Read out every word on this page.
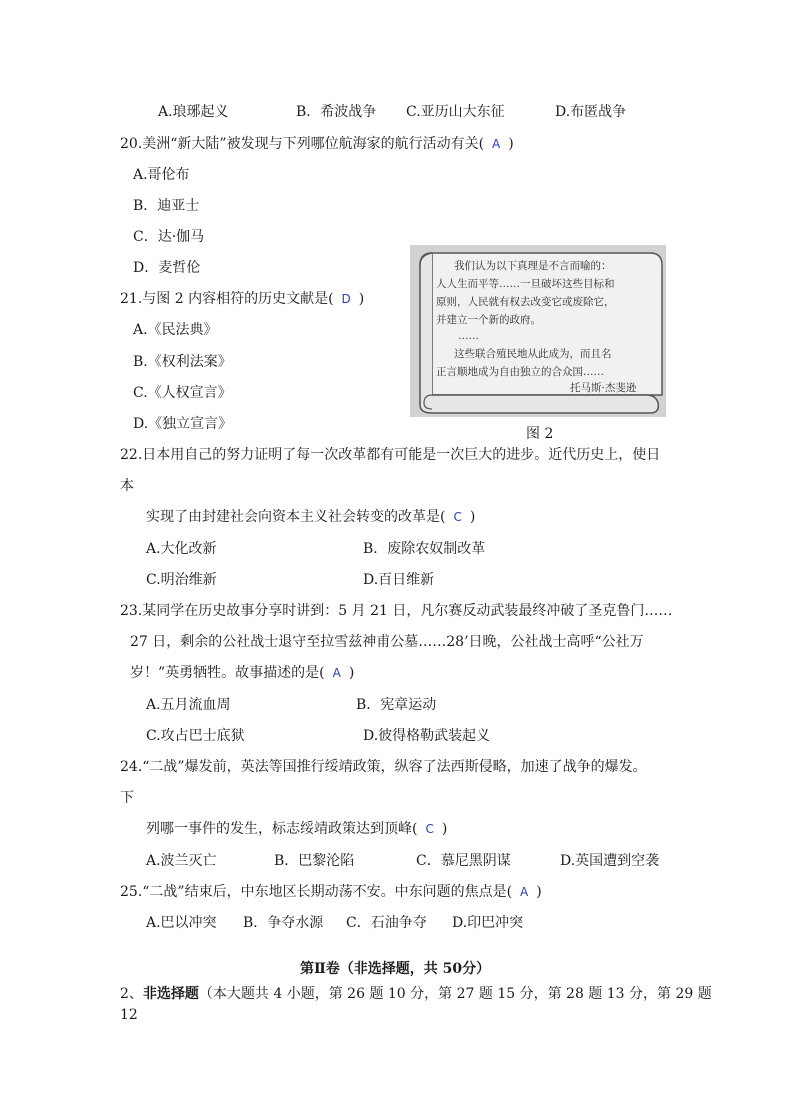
A.琅琊起义	B．希波战争 C.亚历山大东征	D.布匿战争
20.美洲“新大陆”被发现与下列哪位航海家的航行活动有关( A )
A.哥伦布
B．迪亚士
C．达·伽马
D．麦哲伦	我们认为以下真理是不言而喻的：
人人生而平等……一旦破坏这些目标和
原则，人民就有权去改变它或废除它，
并建立一个新的政府。
……
这些联合殖民地从此成为，而且名
正言顺地成为自由独立的合众国……
托马斯·杰斐逊
图 2
21.与图 2 内容相符的历史文献是( D )
A.《民法典》
B.《权利法案》
C.《人权宣言》
D.《独立宣言》
22.日本用自己的努力证明了每一次改革都有可能是一次巨大的进步。近代历史上，使日
本
实现了由封建社会向资本主义社会转变的改革是( C )
A.大化改新	B．废除农奴制改革
C.明治维新	D.百日维新
23.某同学在历史故事分享时讲到：5 月 21 日，凡尔赛反动武装最终冲破了圣克鲁门……
27 日，剩余的公社战士退守至拉雪兹神甫公墓……28’日晚，公社战士高呼“公社万
岁！”英勇牺牲。故事描述的是( A )
A.五月流血周	B．宪章运动
C.攻占巴士底狱	D.彼得格勒武装起义
24.“二战”爆发前，英法等国推行绥靖政策，纵容了法西斯侵略，加速了战争的爆发。
下
列哪一事件的发生，标志绥靖政策达到顶峰( C )
A.波兰灭亡	B．巴黎沦陷	C．慕尼黑阴谋	D.英国遭到空袭
25.“二战”结束后，中东地区长期动荡不安。中东问题的焦点是( A )
A.巴以冲突 B．争夺水源 C．石油争夺 D.印巴冲突
第Ⅱ卷（非选择题，共 50分）
2、非选择题（本大题共 4 小题，第 26 题 10 分，第 27 题 15 分，第 28 题 13 分，第 29 题
12
